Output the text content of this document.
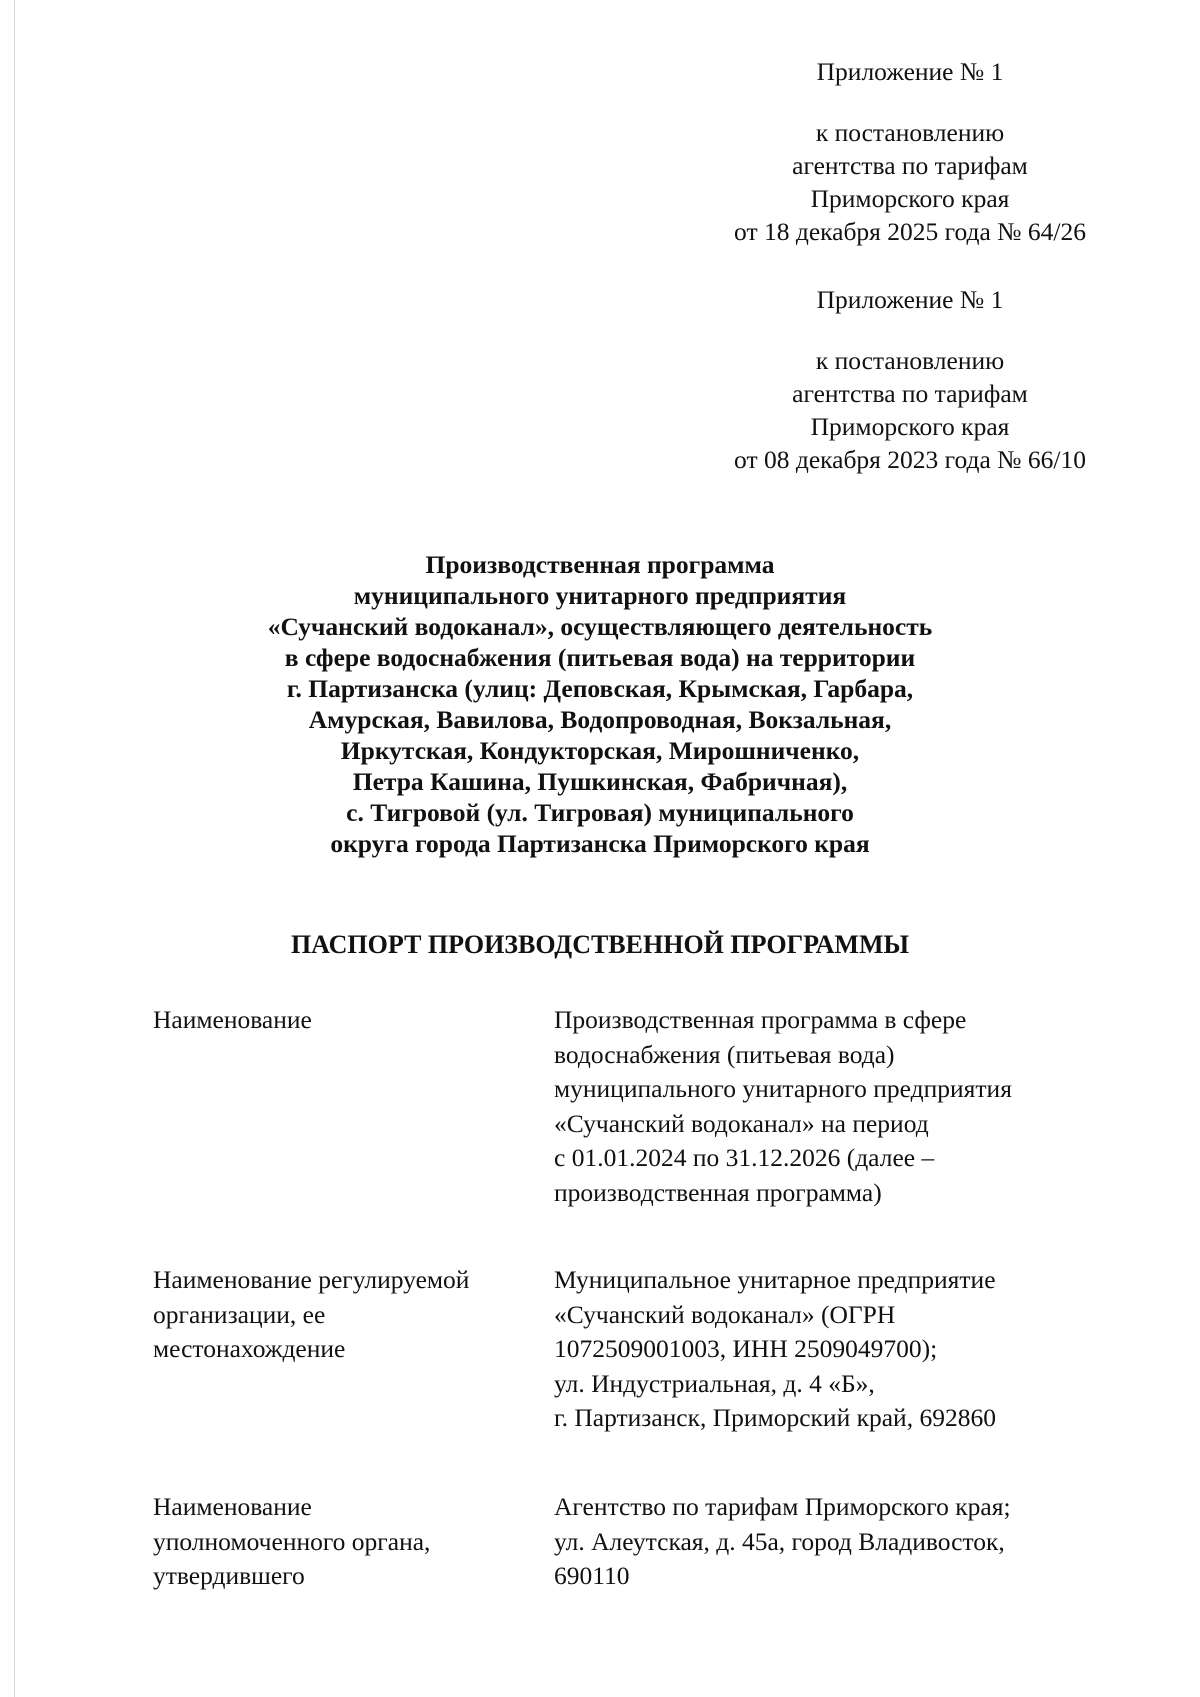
Приложение № 1
к постановлению
агентства по тарифам
Приморского края
от 18 декабря 2025 года № 64/26
Приложение № 1
к постановлению
агентства по тарифам
Приморского края
от 08 декабря 2023 года № 66/10
Производственная программа
муниципального унитарного предприятия
«Сучанский водоканал», осуществляющего деятельность
в сфере водоснабжения (питьевая вода) на территории
г. Партизанска (улиц: Деповская, Крымская, Гарбара,
Амурская, Вавилова, Водопроводная, Вокзальная,
Иркутская, Кондукторская, Мирошниченко,
Петра Кашина, Пушкинская, Фабричная),
с. Тигровой (ул. Тигровая) муниципального
округа города Партизанска Приморского края
ПАСПОРТ ПРОИЗВОДСТВЕННОЙ ПРОГРАММЫ
Наименование	Производственная программа в сфере
водоснабжения (питьевая вода)
муниципального унитарного предприятия
«Сучанский водоканал» на период
с 01.01.2024 по 31.12.2026 (далее –
производственная программа)
Наименование регулируемой
организации, ее
местонахождение
Муниципальное унитарное предприятие
«Сучанский водоканал» (ОГРН
1072509001003, ИНН 2509049700);
ул. Индустриальная, д. 4 «Б»,
г. Партизанск, Приморский край, 692860
Наименование
уполномоченного органа,
утвердившего
Агентство по тарифам Приморского края;
ул. Алеутская, д. 45а, город Владивосток,
690110
